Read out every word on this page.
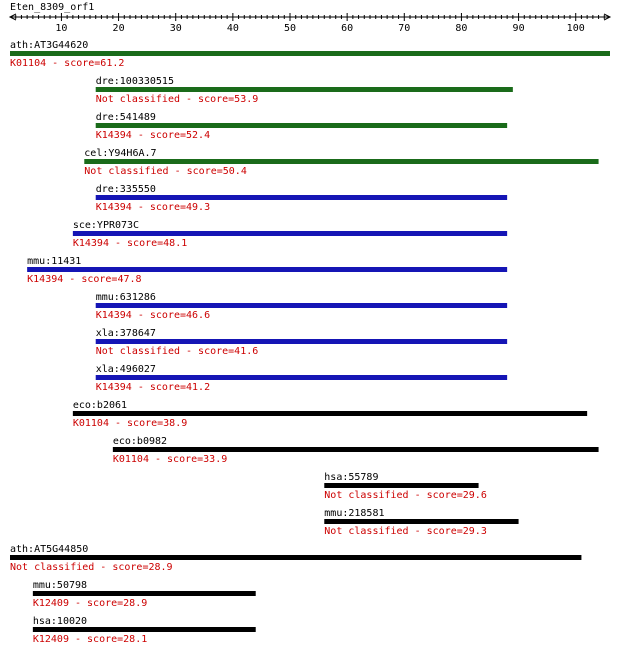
Eten_8309_orf1
10	20	30	40	50	60	70	80	90	100
ath:AT3G44620
K01104 - score=61.2
dre:100330515
Not classified - score=53.9
dre:541489
K14394 - score=52.4
cel:Y94H6A.7
Not classified - score=50.4
dre:335550
K14394 - score=49.3
sce:YPR073C
K14394 - score=48.1
mmu:11431
K14394 - score=47.8
mmu:631286
K14394 - score=46.6
xla:378647
Not classified - score=41.6
xla:496027
K14394 - score=41.2
eco:b2061
K01104 - score=38.9
eco:b0982
K01104 - score=33.9
hsa:55789
Not classified - score=29.6
mmu:218581
Not classified - score=29.3
ath:AT5G44850
Not classified - score=28.9
mmu:50798
K12409 - score=28.9
hsa:10020
K12409 - score=28.1
